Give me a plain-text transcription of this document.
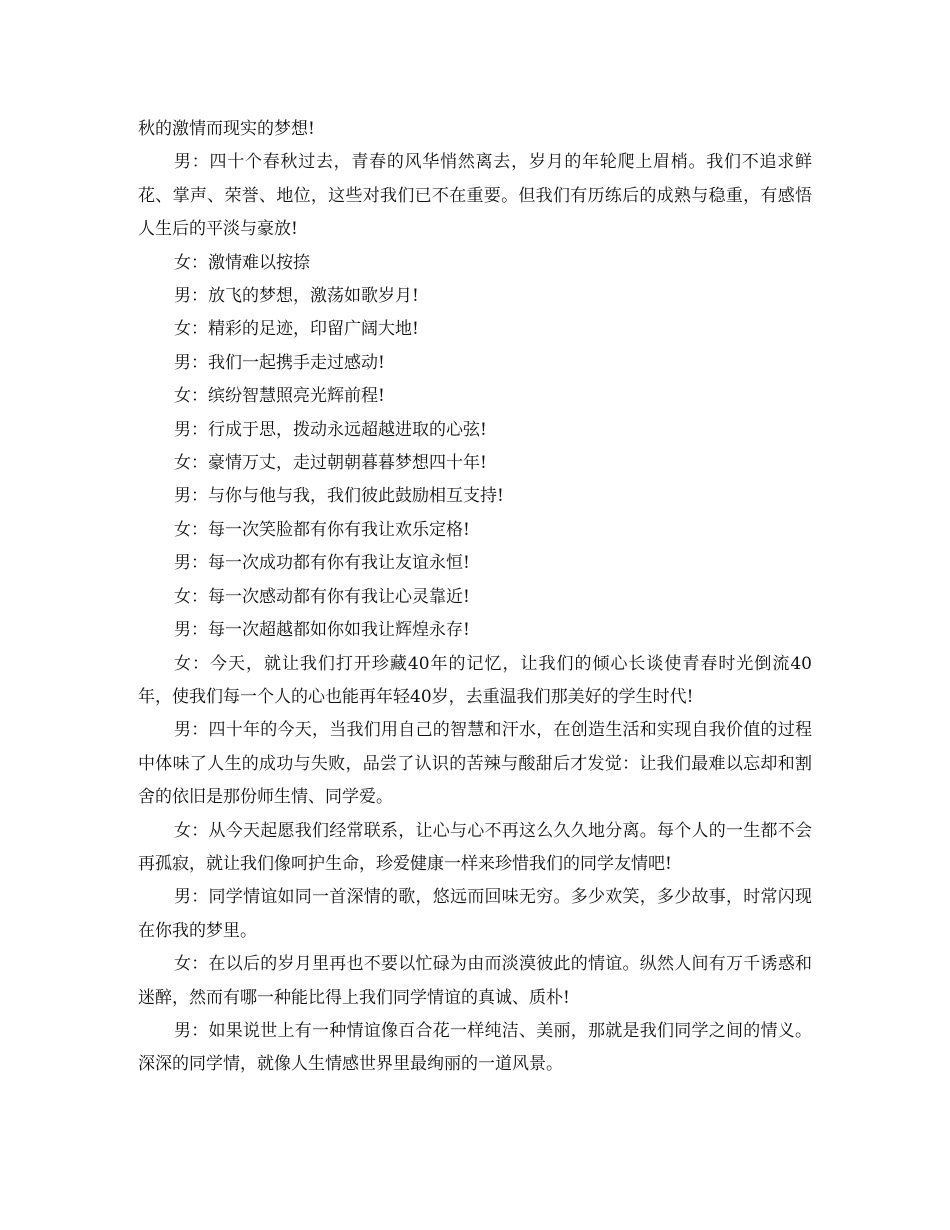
秋的激情而现实的梦想!

男：四十个春秋过去，青春的风华悄然离去，岁月的年轮爬上眉梢。我们不追求鲜花、掌声、荣誉、地位，这些对我们已不在重要。但我们有历练后的成熟与稳重，有感悟人生后的平淡与豪放!

女：激情难以按捺

男：放飞的梦想，激荡如歌岁月!

女：精彩的足迹，印留广阔大地!

男：我们一起携手走过感动!

女：缤纷智慧照亮光辉前程!

男：行成于思，拨动永远超越进取的心弦!

女：豪情万丈，走过朝朝暮暮梦想四十年!

男：与你与他与我，我们彼此鼓励相互支持!

女：每一次笑脸都有你有我让欢乐定格!

男：每一次成功都有你有我让友谊永恒!

女：每一次感动都有你有我让心灵靠近!

男：每一次超越都如你如我让辉煌永存!

女：今天，就让我们打开珍藏40年的记忆，让我们的倾心长谈使青春时光倒流40年，使我们每一个人的心也能再年轻40岁，去重温我们那美好的学生时代!

男：四十年的今天，当我们用自己的智慧和汗水，在创造生活和实现自我价值的过程中体味了人生的成功与失败，品尝了认识的苦辣与酸甜后才发觉：让我们最难以忘却和割舍的依旧是那份师生情、同学爱。

女：从今天起愿我们经常联系，让心与心不再这么久久地分离。每个人的一生都不会再孤寂，就让我们像呵护生命，珍爱健康一样来珍惜我们的同学友情吧!

男：同学情谊如同一首深情的歌，悠远而回味无穷。多少欢笑，多少故事，时常闪现在你我的梦里。

女：在以后的岁月里再也不要以忙碌为由而淡漠彼此的情谊。纵然人间有万千诱惑和迷醉，然而有哪一种能比得上我们同学情谊的真诚、质朴!

男：如果说世上有一种情谊像百合花一样纯洁、美丽，那就是我们同学之间的情义。深深的同学情，就像人生情感世界里最绚丽的一道风景。
